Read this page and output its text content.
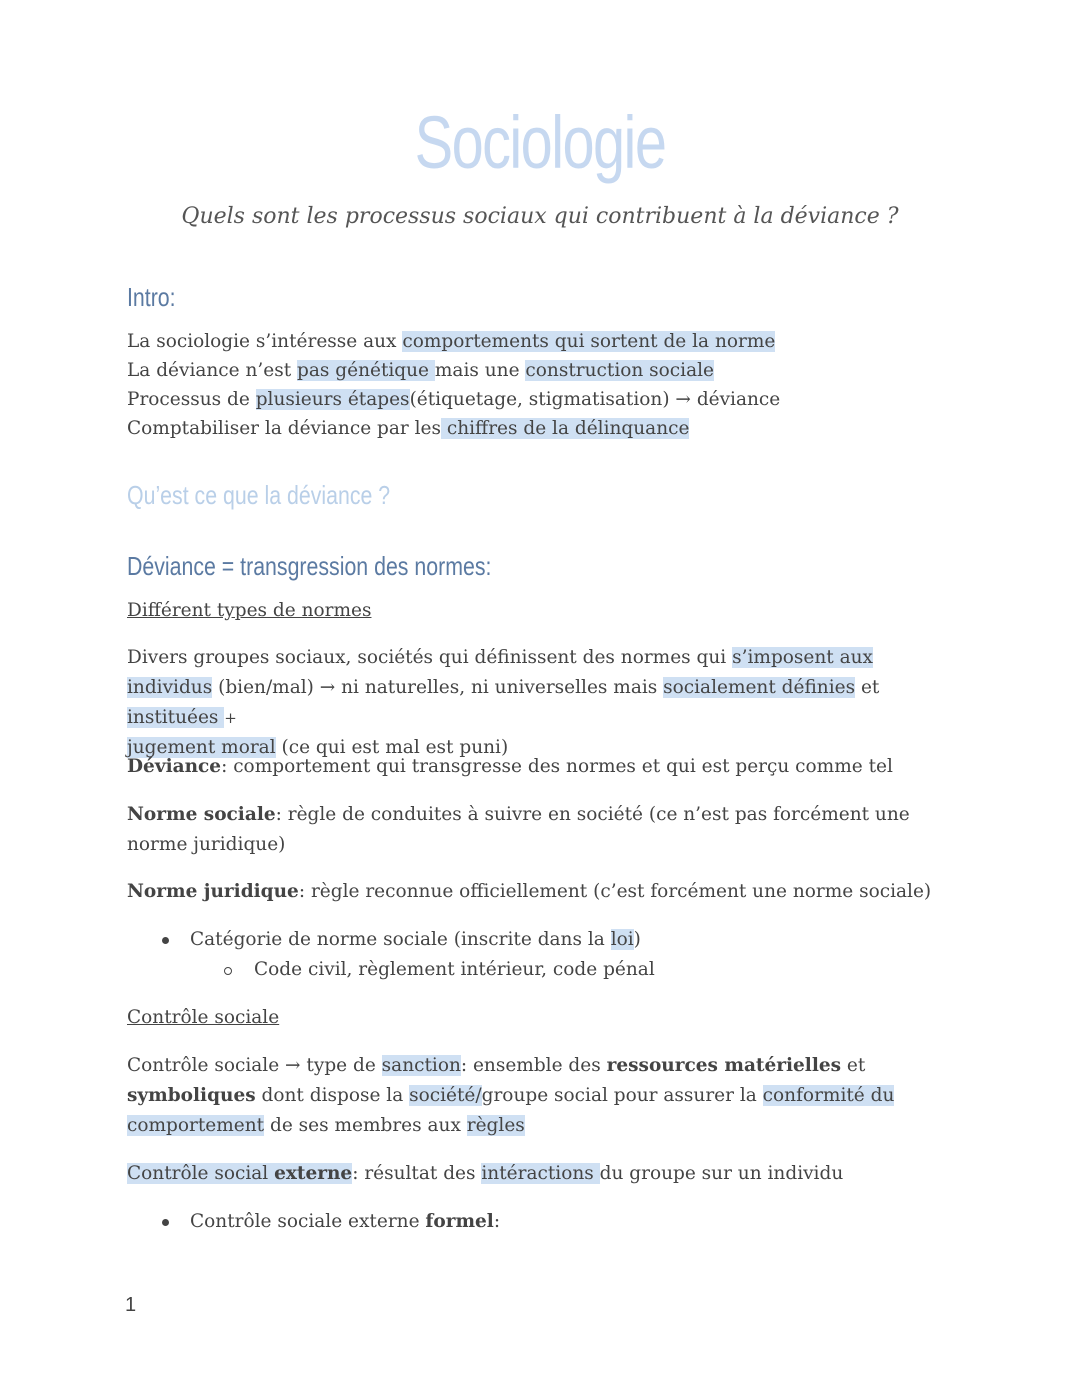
Sociologie
Quels sont les processus sociaux qui contribuent à la déviance ?
Intro:
La sociologie s’intéresse aux comportements qui sortent de la norme
La déviance n’est pas génétique mais une construction sociale
Processus de plusieurs étapes(étiquetage, stigmatisation) → déviance
Comptabiliser la déviance par les chiffres de la délinquance
Qu’est ce que la déviance ?
Déviance = transgression des normes:
Différent types de normes
Divers groupes sociaux, sociétés qui définissent des normes qui s’imposent aux individus (bien/mal) → ni naturelles, ni universelles mais socialement définies et instituées +
jugement moral (ce qui est mal est puni)
Déviance: comportement qui transgresse des normes et qui est perçu comme tel
Norme sociale: règle de conduites à suivre en société (ce n’est pas forcément une norme juridique)
Norme juridique: règle reconnue officiellement (c’est forcément une norme sociale)
Catégorie de norme sociale (inscrite dans la loi)
Code civil, règlement intérieur, code pénal
Contrôle sociale
Contrôle sociale → type de sanction: ensemble des ressources matérielles et symboliques dont dispose la société/groupe social pour assurer la conformité du comportement de ses membres aux règles
Contrôle social externe: résultat des intéractions du groupe sur un individu
Contrôle sociale externe formel:
1
